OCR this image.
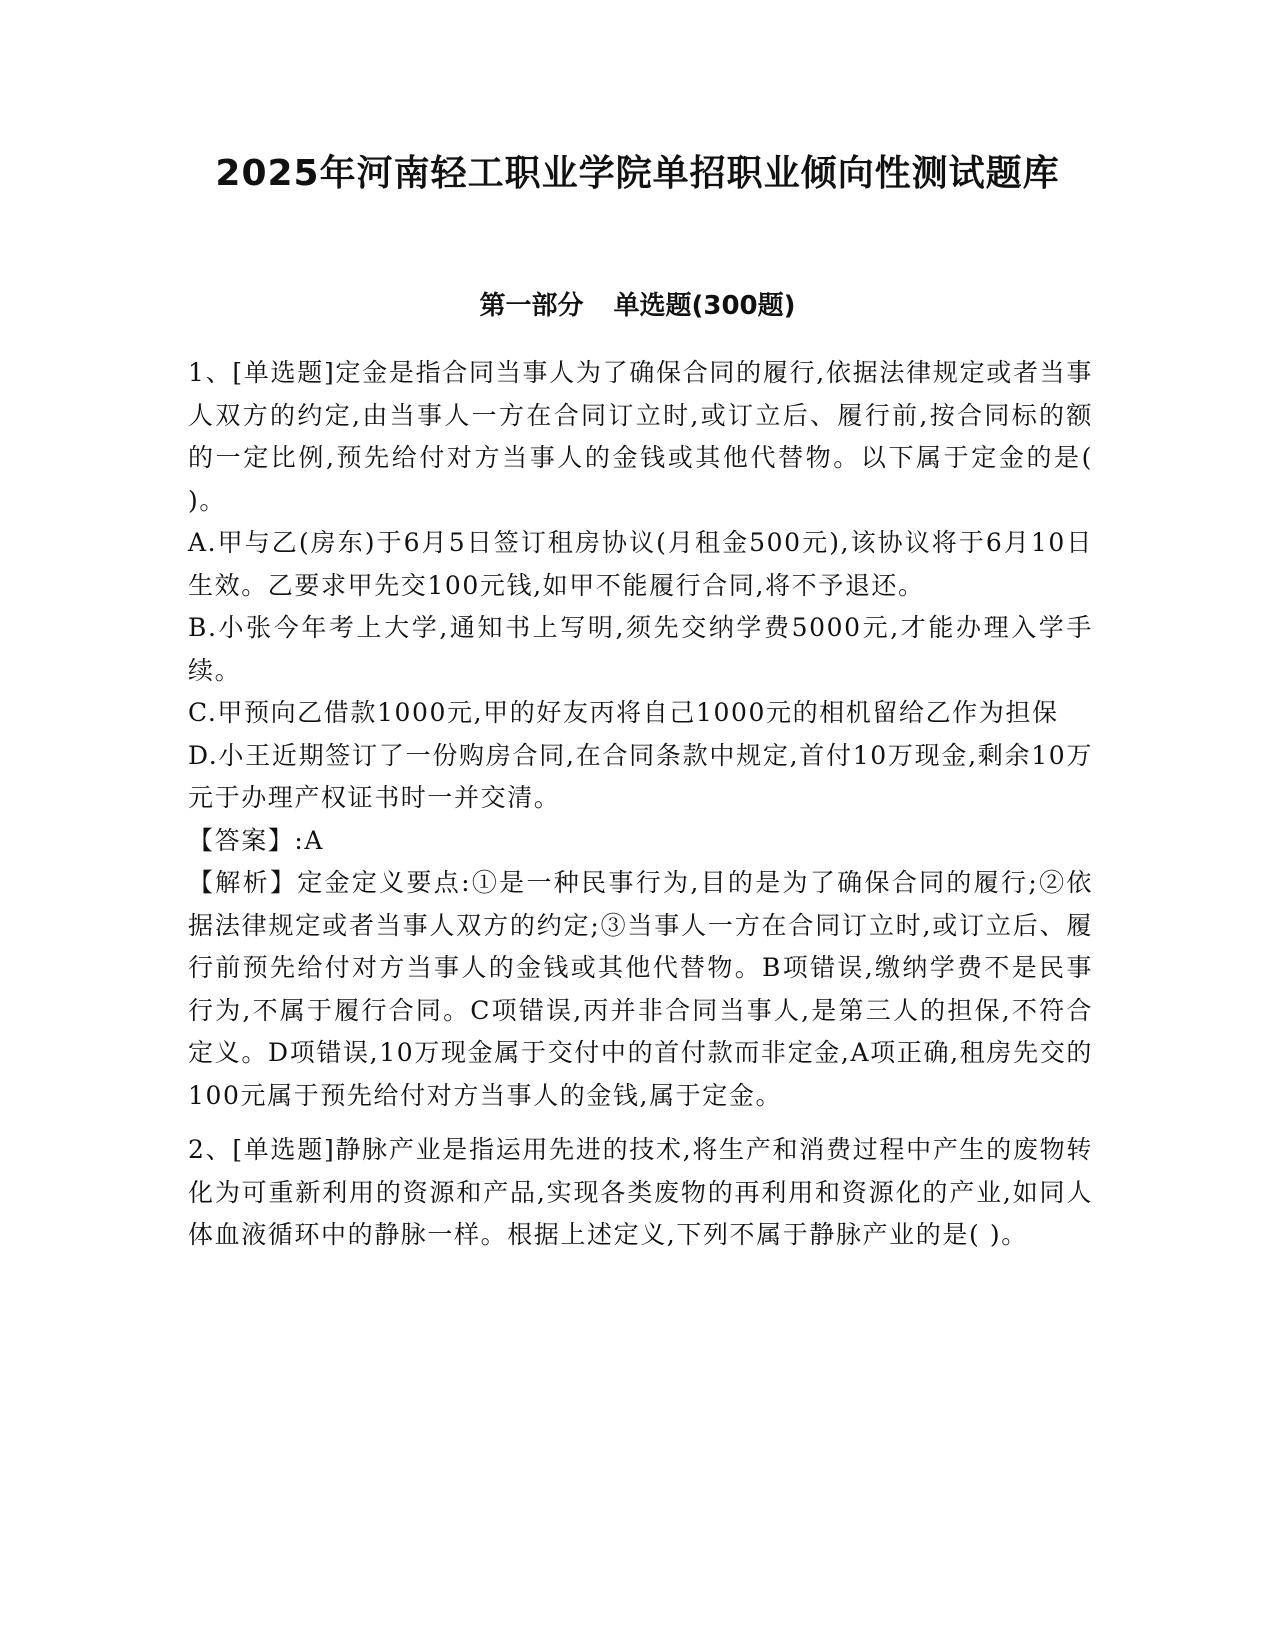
2025年河南轻工职业学院单招职业倾向性测试题库
第一部分 单选题(300题)

1、[单选题]定金是指合同当事人为了确保合同的履行,依据法律规定或者当事人双方的约定,由当事人一方在合同订立时,或订立后、履行前,按合同标的额的一定比例,预先给付对方当事人的金钱或其他代替物。以下属于定金的是( )。

A.甲与乙(房东)于6月5日签订租房协议(月租金500元),该协议将于6月10日生效。乙要求甲先交100元钱,如甲不能履行合同,将不予退还。

B.小张今年考上大学,通知书上写明,须先交纳学费5000元,才能办理入学手续。

C.甲预向乙借款1000元,甲的好友丙将自己1000元的相机留给乙作为担保

D.小王近期签订了一份购房合同,在合同条款中规定,首付10万现金,剩余10万元于办理产权证书时一并交清。

【答案】:A

【解析】定金定义要点:①是一种民事行为,目的是为了确保合同的履行;②依据法律规定或者当事人双方的约定;③当事人一方在合同订立时,或订立后、履行前预先给付对方当事人的金钱或其他代替物。B项错误,缴纳学费不是民事行为,不属于履行合同。C项错误,丙并非合同当事人,是第三人的担保,不符合定义。D项错误,10万现金属于交付中的首付款而非定金,A项正确,租房先交的100元属于预先给付对方当事人的金钱,属于定金。

2、[单选题]静脉产业是指运用先进的技术,将生产和消费过程中产生的废物转化为可重新利用的资源和产品,实现各类废物的再利用和资源化的产业,如同人体血液循环中的静脉一样。根据上述定义,下列不属于静脉产业的是( )。
